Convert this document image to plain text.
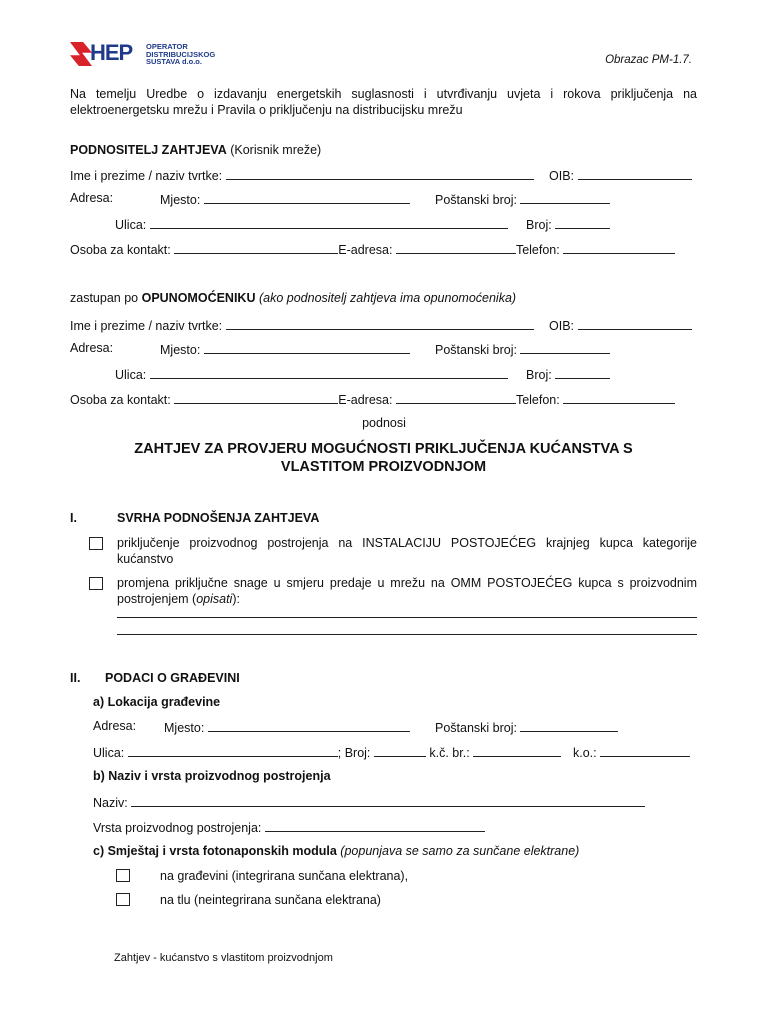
HEP OPERATOR
DISTRIBUCIJSKOG
SUSTAVA d.o.o.	Obrazac PM-1.7.
Na temelju Uredbe o izdavanju energetskih suglasnosti i utvrđivanju uvjeta i rokova priključenja na elektroenergetsku mrežu i Pravila o priključenju na distribucijsku mrežu
PODNOSITELJ ZAHTJEVA (Korisnik mreže)
Ime i prezime / naziv tvrtke:	OIB:
Adresa:	Mjesto:	Poštanski broj:
Ulica:	Broj:
Osoba za kontakt:	E-adresa:	Telefon:
zastupan po OPUNOMOĆENIKU (ako podnositelj zahtjeva ima opunomoćenika)
Ime i prezime / naziv tvrtke:	OIB:
Adresa:	Mjesto:	Poštanski broj:
Ulica:	Broj:
Osoba za kontakt:	E-adresa:	Telefon:
podnosi
ZAHTJEV ZA PROVJERU MOGUĆNOSTI PRIKLJUČENJA KUĆANSTVA S
VLASTITOM PROIZVODNJOM
I.	SVRHA PODNOŠENJA ZAHTJEVA
priključenje proizvodnog postrojenja na INSTALACIJU POSTOJEĆEG krajnjeg kupca kategorije kućanstvo
promjena priključne snage u smjeru predaje u mrežu na OMM POSTOJEĆEG kupca s proizvodnim postrojenjem (opisati):
II. PODACI O GRAĐEVINI
a) Lokacija građevine
Adresa: Mjesto:	Poštanski broj:
Ulica:	; Broj:	k.č. br.:	k.o.:
b) Naziv i vrsta proizvodnog postrojenja
Naziv:
Vrsta proizvodnog postrojenja:
c) Smještaj i vrsta fotonaponskih modula (popunjava se samo za sunčane elektrane)
na građevini (integrirana sunčana elektrana),
na tlu (neintegrirana sunčana elektrana)
Zahtjev - kućanstvo s vlastitom proizvodnjom
